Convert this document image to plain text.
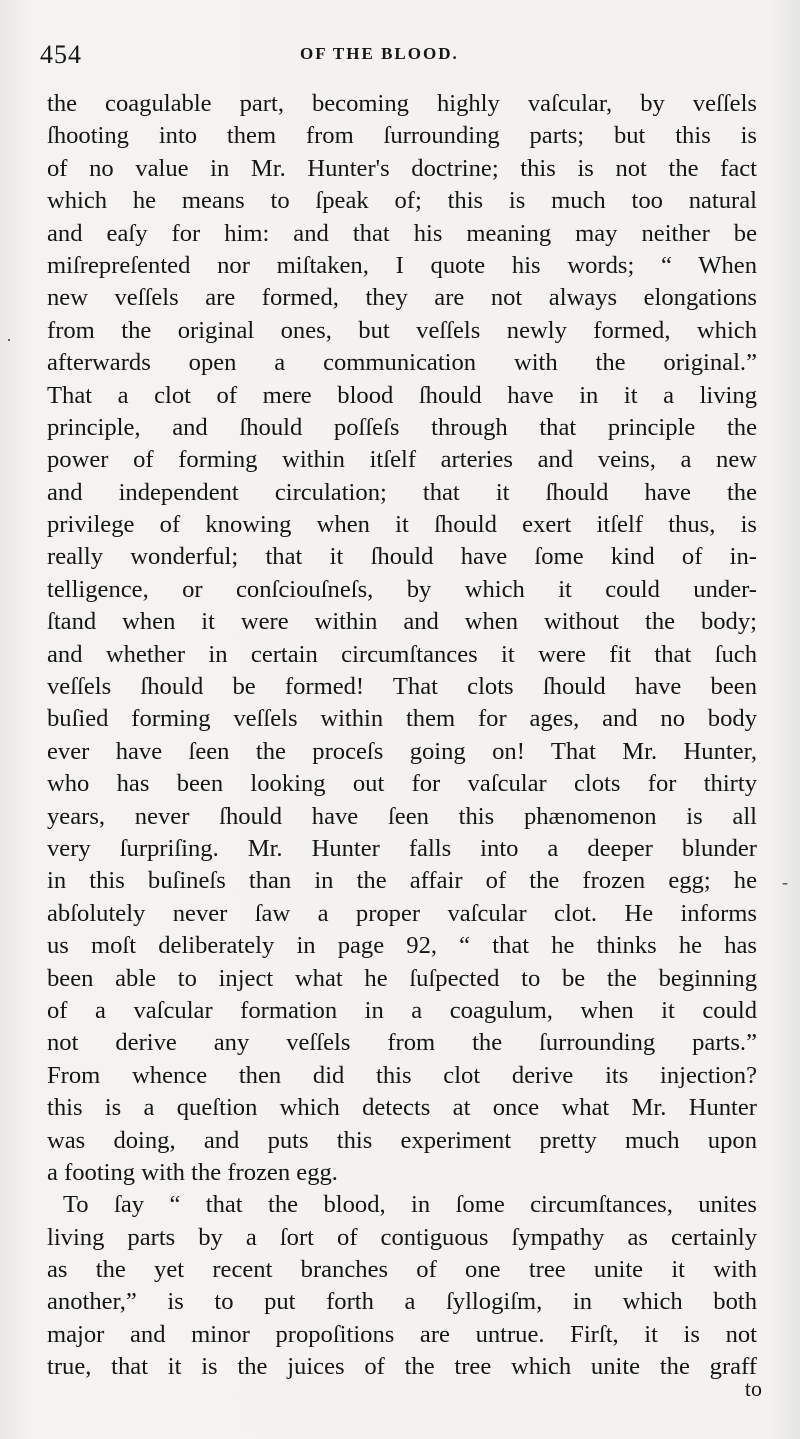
454	OF THE BLOOD.
the coagulable part, becoming highly vaſcular, by veſſels
ſhooting into them from ſurrounding parts; but this is
of no value in Mr. Hunter's doctrine; this is not the fact
which he means to ſpeak of; this is much too natural
and eaſy for him: and that his meaning may neither be
miſrepreſented nor miſtaken, I quote his words; “ When
new veſſels are formed, they are not always elongations
from the original ones, but veſſels newly formed, which
afterwards open a communication with the original.”
That a clot of mere blood ſhould have in it a living
principle, and ſhould poſſeſs through that principle the
power of forming within itſelf arteries and veins, a new
and independent circulation; that it ſhould have the
privilege of knowing when it ſhould exert itſelf thus, is
really wonderful; that it ſhould have ſome kind of in-
telligence, or conſciouſneſs, by which it could under-
ſtand when it were within and when without the body;
and whether in certain circumſtances it were fit that ſuch
veſſels ſhould be formed! That clots ſhould have been
buſied forming veſſels within them for ages, and no body
ever have ſeen the proceſs going on! That Mr. Hunter,
who has been looking out for vaſcular clots for thirty
years, never ſhould have ſeen this phænomenon is all
very ſurpriſing. Mr. Hunter falls into a deeper blunder
in this buſineſs than in the affair of the frozen egg; he
abſolutely never ſaw a proper vaſcular clot. He informs
us moſt deliberately in page 92, “ that he thinks he has
been able to inject what he ſuſpected to be the beginning
of a vaſcular formation in a coagulum, when it could
not derive any veſſels from the ſurrounding parts.”
From whence then did this clot derive its injection?
this is a queſtion which detects at once what Mr. Hunter
was doing, and puts this experiment pretty much upon
a footing with the frozen egg.
To ſay “ that the blood, in ſome circumſtances, unites
living parts by a ſort of contiguous ſympathy as certainly
as the yet recent branches of one tree unite it with
another,” is to put forth a ſyllogiſm, in which both
major and minor propoſitions are untrue. Firſt, it is not
true, that it is the juices of the tree which unite the graff
to
·
-
